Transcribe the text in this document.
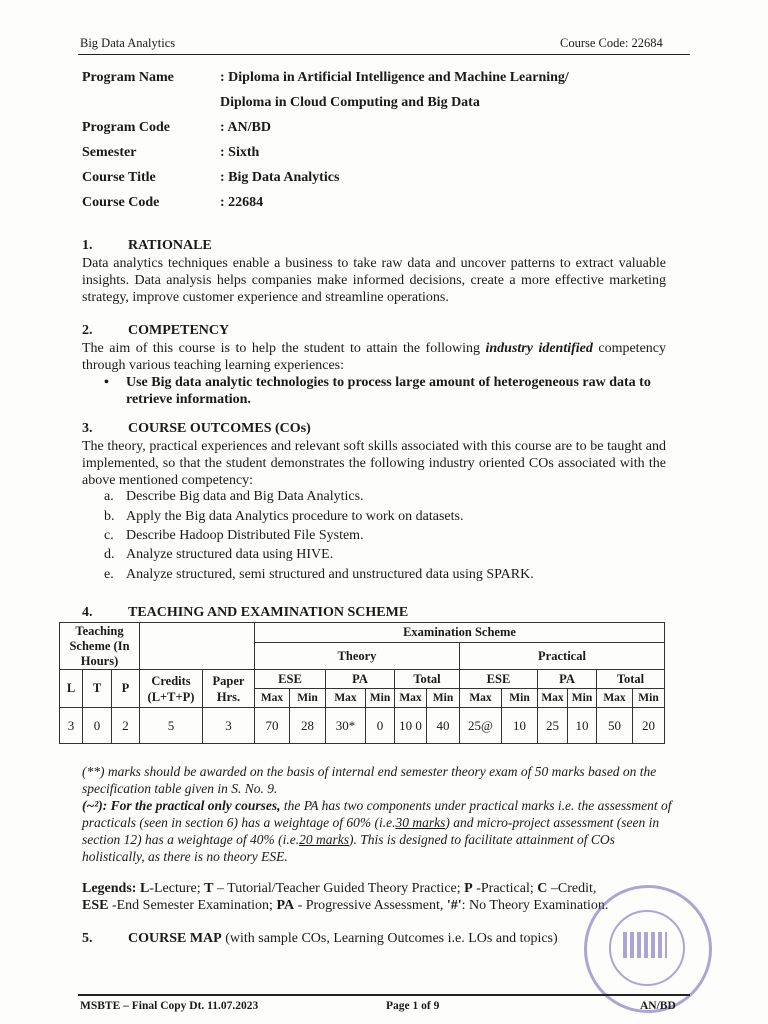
Big Data Analytics	Course Code: 22684
Program Name	: Diploma in Artificial Intelligence and Machine Learning/
Diploma in Cloud Computing and Big Data
Program Code	: AN/BD
Semester	: Sixth
Course Title	: Big Data Analytics
Course Code	: 22684
1.	RATIONALE
Data analytics techniques enable a business to take raw data and uncover patterns to extract valuable insights. Data analysis helps companies make informed decisions, create a more effective marketing strategy, improve customer experience and streamline operations.
2.	COMPETENCY
The aim of this course is to help the student to attain the following industry identified competency through various teaching learning experiences:
• Use Big data analytic technologies to process large amount of heterogeneous raw data to retrieve information.
3.	COURSE OUTCOMES (COs)
The theory, practical experiences and relevant soft skills associated with this course are to be taught and implemented, so that the student demonstrates the following industry oriented COs associated with the above mentioned competency:
a. Describe Big data and Big Data Analytics.
b. Apply the Big data Analytics procedure to work on datasets.
c. Describe Hadoop Distributed File System.
d. Analyze structured data using HIVE.
e. Analyze structured, semi structured and unstructured data using SPARK.
4.	TEACHING AND EXAMINATION SCHEME
Teaching Scheme (In Hours)					Examination Scheme											
					Theory						Practical					
L	T	P	Credits (L+T+P)	Paper Hrs.	ESE		PA		Total		ESE		PA		Total	
					Max	Min	Max	Min	Max	Min	Max	Min	Max	Min	Max	Min
3	0	2	5	3	70	28	30*	0	10 0	40	25@	10	25	10	50	20
(**) marks should be awarded on the basis of internal end semester theory exam of 50 marks based on the specification table given in S. No. 9.
(~²): For the practical only courses, the PA has two components under practical marks i.e. the assessment of practicals (seen in section 6) has a weightage of 60% (i.e.30 marks) and micro-project assessment (seen in section 12) has a weightage of 40% (i.e.20 marks). This is designed to facilitate attainment of COs holistically, as there is no theory ESE.
Legends: L-Lecture; T – Tutorial/Teacher Guided Theory Practice; P -Practical; C –Credit,
ESE -End Semester Examination; PA - Progressive Assessment, '#': No Theory Examination.
5.	COURSE MAP (with sample COs, Learning Outcomes i.e. LOs and topics)
MSBTE – Final Copy Dt. 11.07.2023	Page 1 of 9	AN/BD
